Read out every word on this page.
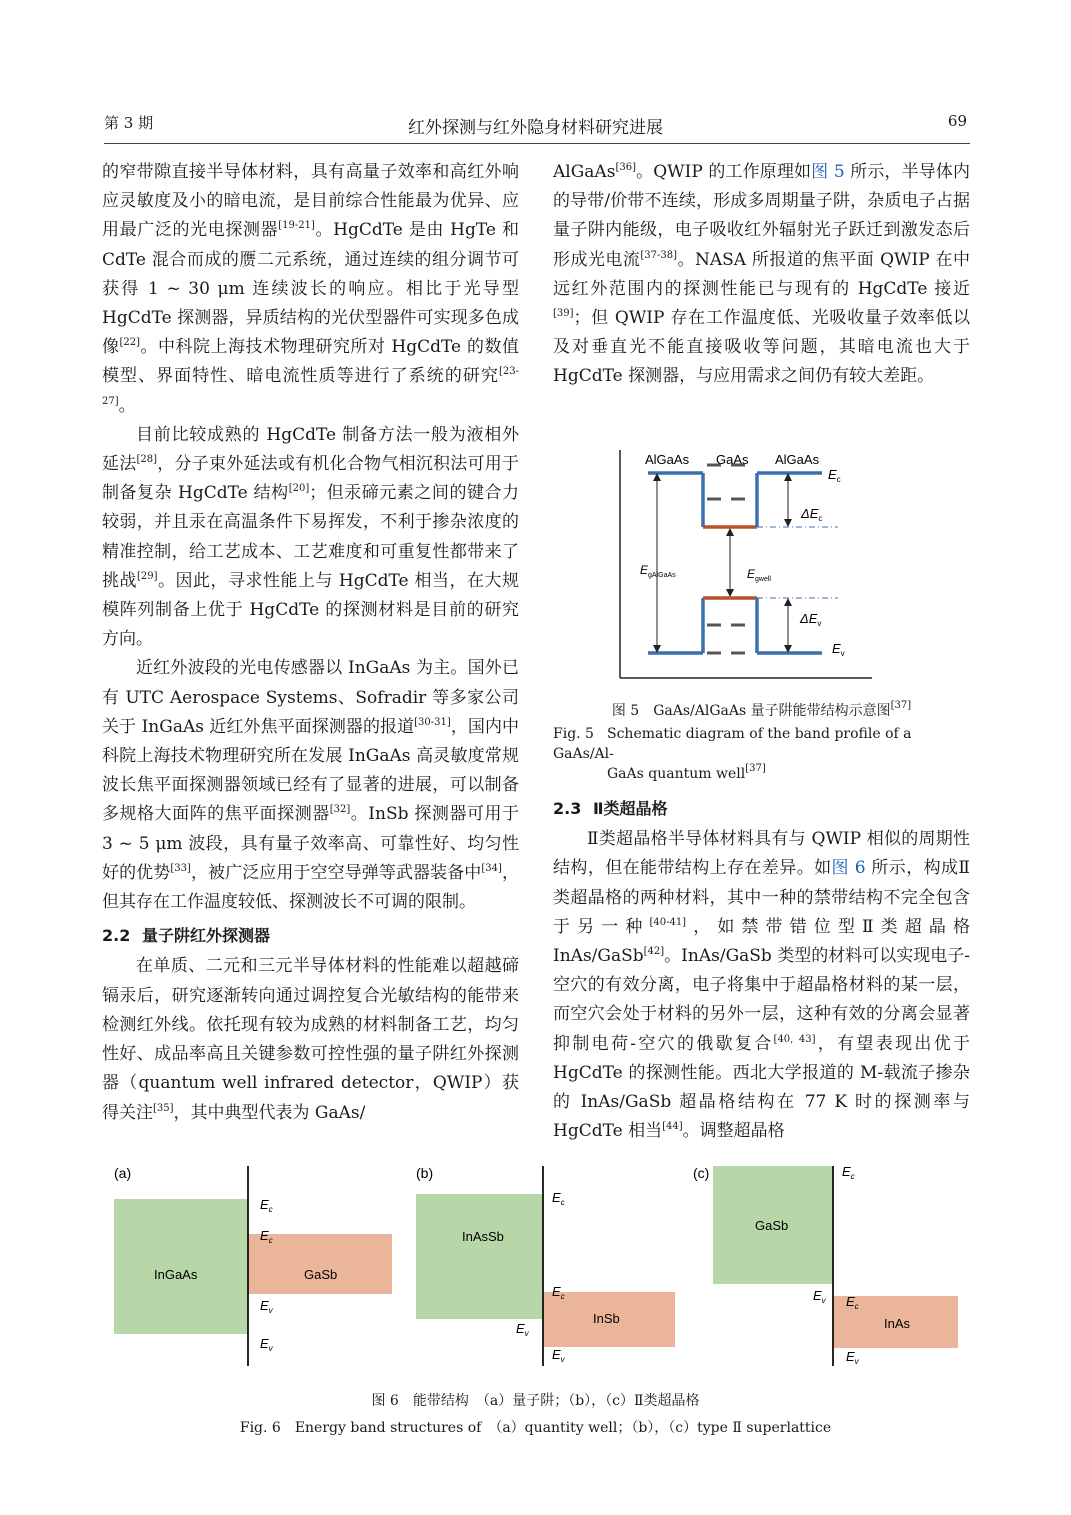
第 3 期	红外探测与红外隐身材料研究进展	69

的窄带隙直接半导体材料，具有高量子效率和高红外响应灵敏度及小的暗电流，是目前综合性能最为优异、应用最广泛的光电探测器[19-21]。HgCdTe 是由 HgTe 和 CdTe 混合而成的赝二元系统，通过连续的组分调节可获得 1 ~ 30 μm 连续波长的响应。相比于光导型 HgCdTe 探测器，异质结构的光伏型器件可实现多色成像[22]。中科院上海技术物理研究所对 HgCdTe 的数值模型、界面特性、暗电流性质等进行了系统的研究[23-27]。

目前比较成熟的 HgCdTe 制备方法一般为液相外延法[28]，分子束外延法或有机化合物气相沉积法可用于制备复杂 HgCdTe 结构[20]；但汞碲元素之间的键合力较弱，并且汞在高温条件下易挥发，不利于掺杂浓度的精准控制，给工艺成本、工艺难度和可重复性都带来了挑战[29]。因此，寻求性能上与 HgCdTe 相当，在大规模阵列制备上优于 HgCdTe 的探测材料是目前的研究方向。

近红外波段的光电传感器以 InGaAs 为主。国外已有 UTC Aerospace Systems、Sofradir 等多家公司关于 InGaAs 近红外焦平面探测器的报道[30-31]，国内中科院上海技术物理研究所在发展 InGaAs 高灵敏度常规波长焦平面探测器领域已经有了显著的进展，可以制备多规格大面阵的焦平面探测器[32]。InSb 探测器可用于 3 ~ 5 μm 波段，具有量子效率高、可靠性好、均匀性好的优势[33]，被广泛应用于空空导弹等武器装备中[34]，但其存在工作温度较低、探测波长不可调的限制。

2.2 量子阱红外探测器

在单质、二元和三元半导体材料的性能难以超越碲镉汞后，研究逐渐转向通过调控复合光敏结构的能带来检测红外线。依托现有较为成熟的材料制备工艺，均匀性好、成品率高且关键参数可控性强的量子阱红外探测器（quantum well infrared detector，QWIP）获得关注[35]，其中典型代表为 GaAs/

AlGaAs[36]。QWIP 的工作原理如图 5 所示，半导体内的导带/价带不连续，形成多周期量子阱，杂质电子占据量子阱内能级，电子吸收红外辐射光子跃迁到激发态后形成光电流[37-38]。NASA 所报道的焦平面 QWIP 在中远红外范围内的探测性能已与现有的 HgCdTe 接近[39]；但 QWIP 存在工作温度低、光吸收量子效率低以及对垂直光不能直接吸收等问题，其暗电流也大于 HgCdTe 探测器，与应用需求之间仍有较大差距。

AlGaAs GaAs AlGaAs
$E_c$
$\Delta E_c$
$E_{gAlGaAs}$	$E_{gwell}$
$\Delta E_v$
$E_v$
图 5　GaAs/AlGaAs 量子阱能带结构示意图[37]
Fig. 5 Schematic diagram of the band profile of a GaAs/Al-
GaAs quantum well[37]

2.3 Ⅱ类超晶格

Ⅱ类超晶格半导体材料具有与 QWIP 相似的周期性结构，但在能带结构上存在差异。如图 6 所示，构成Ⅱ类超晶格的两种材料，其中一种的禁带结构不完全包含于另一种[40-41]，如禁带错位型Ⅱ类超晶格 InAs/GaSb[42]。InAs/GaSb 类型的材料可以实现电子-空穴的有效分离，电子将集中于超晶格材料的某一层，而空穴会处于材料的另外一层，这种有效的分离会显著抑制电荷-空穴的俄歇复合[40, 43]，有望表现出优于 HgCdTe 的探测性能。西北大学报道的 M-载流子掺杂的 InAs/GaSb 超晶格结构在 77 K 时的探测率与 HgCdTe 相当[44]。调整超晶格

(a)
InGaAs	GaSb
$E_c$
$E_c$
$E_v$
$E_v$
(b)
InAsSb
InSb
$E_c$
$E_c$
$E_v$
$E_v$
(c)
GaSb
InAs
$E_c$
$E_c$
$E_v$
$E_v$
图 6　能带结构　（a）量子阱；（b），（c）Ⅱ类超晶格
Fig. 6　Energy band structures of　（a）quantity well；（b），（c）type Ⅱ superlattice
